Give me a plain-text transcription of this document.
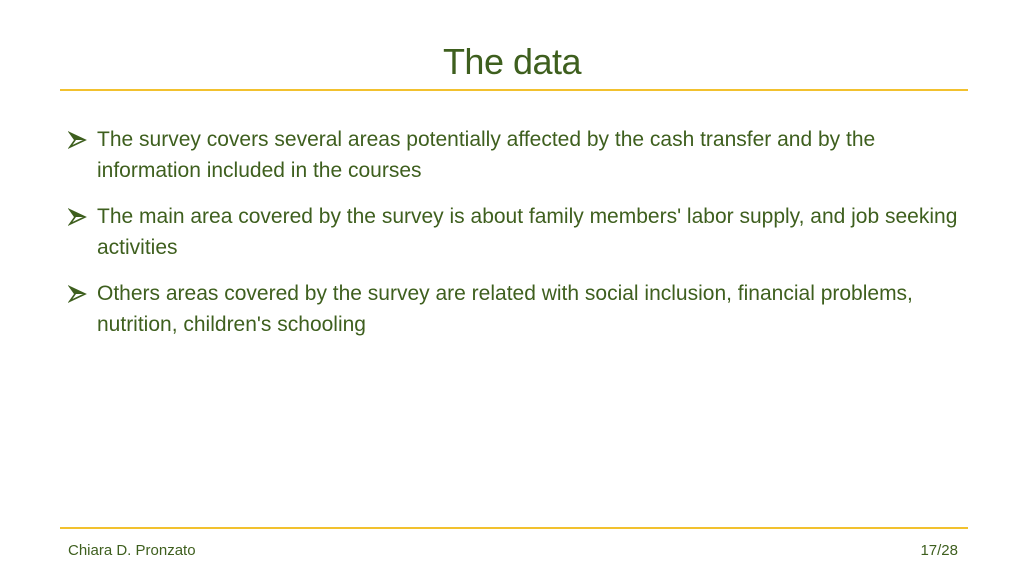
The data
The survey covers several areas potentially affected by the cash transfer and by the information included in the courses
The main area covered by the survey is about family members' labor supply, and job seeking activities
Others areas covered by the survey are related with social inclusion, financial problems, nutrition, children's schooling
Chiara D. Pronzato	17/28
